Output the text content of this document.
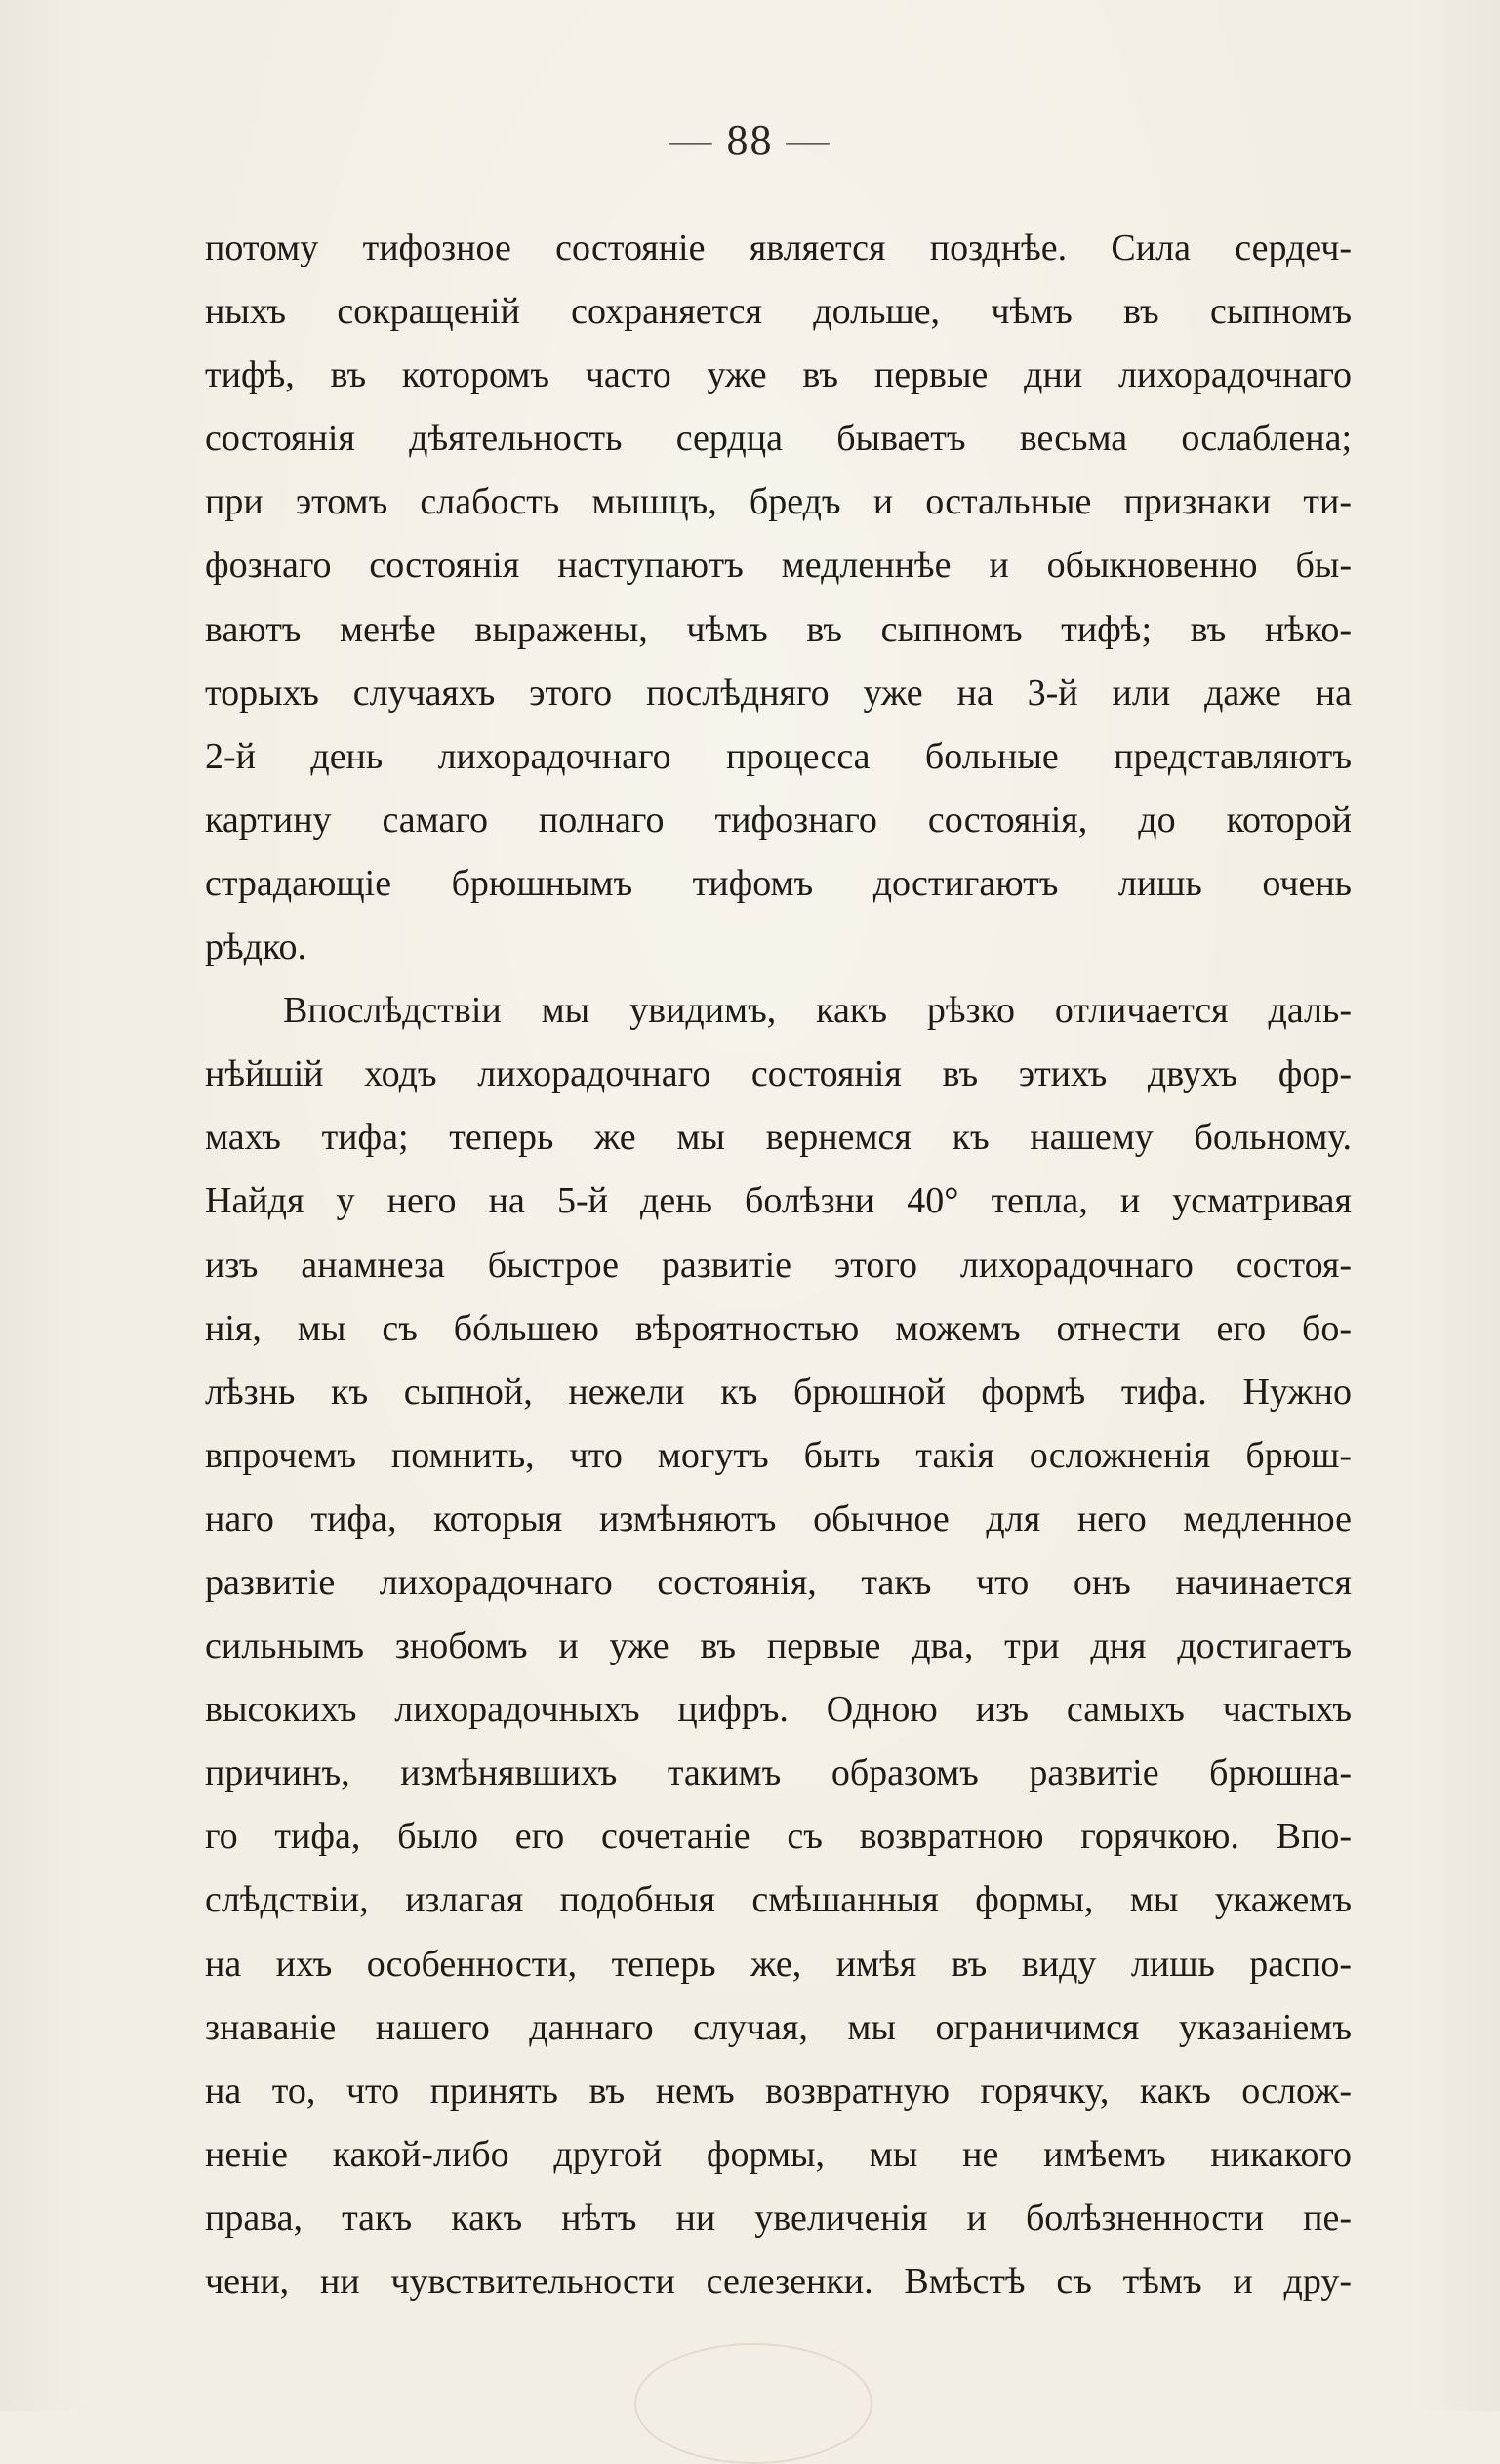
— 88 —
потому тифозное состоянiе является позднѣе. Сила сердеч-
ныхъ сокращенiй сохраняется дольше, чѣмъ въ сыпномъ
тифѣ, въ которомъ часто уже въ первые дни лихорадочнаго
состоянiя дѣятельность сердца бываетъ весьма ослаблена;
при этомъ слабость мышцъ, бредъ и остальные признаки ти-
фознаго состоянiя наступаютъ медленнѣе и обыкновенно бы-
ваютъ менѣе выражены, чѣмъ въ сыпномъ тифѣ; въ нѣко-
торыхъ случаяхъ этого послѣдняго уже на 3-й или даже на
2-й день лихорадочнаго процесса больные представляютъ
картину самаго полнаго тифознаго состоянiя, до которой
страдающiе брюшнымъ тифомъ достигаютъ лишь очень
рѣдко.
Впослѣдствiи мы увидимъ, какъ рѣзко отличается даль-
нѣйшiй ходъ лихорадочнаго состоянiя въ этихъ двухъ фор-
махъ тифа; теперь же мы вернемся къ нашему больному.
Найдя у него на 5-й день болѣзни 40° тепла, и усматривая
изъ анамнеза быстрое развитiе этого лихорадочнаго состоя-
нiя, мы съ бóльшею вѣроятностью можемъ отнести его бо-
лѣзнь къ сыпной, нежели къ брюшной формѣ тифа. Нужно
впрочемъ помнить, что могутъ быть такiя осложненiя брюш-
наго тифа, которыя измѣняютъ обычное для него медленное
развитiе лихорадочнаго состоянiя, такъ что онъ начинается
сильнымъ знобомъ и уже въ первые два, три дня достигаетъ
высокихъ лихорадочныхъ цифръ. Одною изъ самыхъ частыхъ
причинъ, измѣнявшихъ такимъ образомъ развитiе брюшна-
го тифа, было его сочетанiе съ возвратною горячкою. Впо-
слѣдствiи, излагая подобныя смѣшанныя формы, мы укажемъ
на ихъ особенности, теперь же, имѣя въ виду лишь распо-
знаванiе нашего даннаго случая, мы ограничимся указанiемъ
на то, что принять въ немъ возвратную горячку, какъ ослож-
ненiе какой-либо другой формы, мы не имѣемъ никакого
права, такъ какъ нѣтъ ни увеличенiя и болѣзненности пе-
чени, ни чувствительности селезенки. Вмѣстѣ съ тѣмъ и дру-
